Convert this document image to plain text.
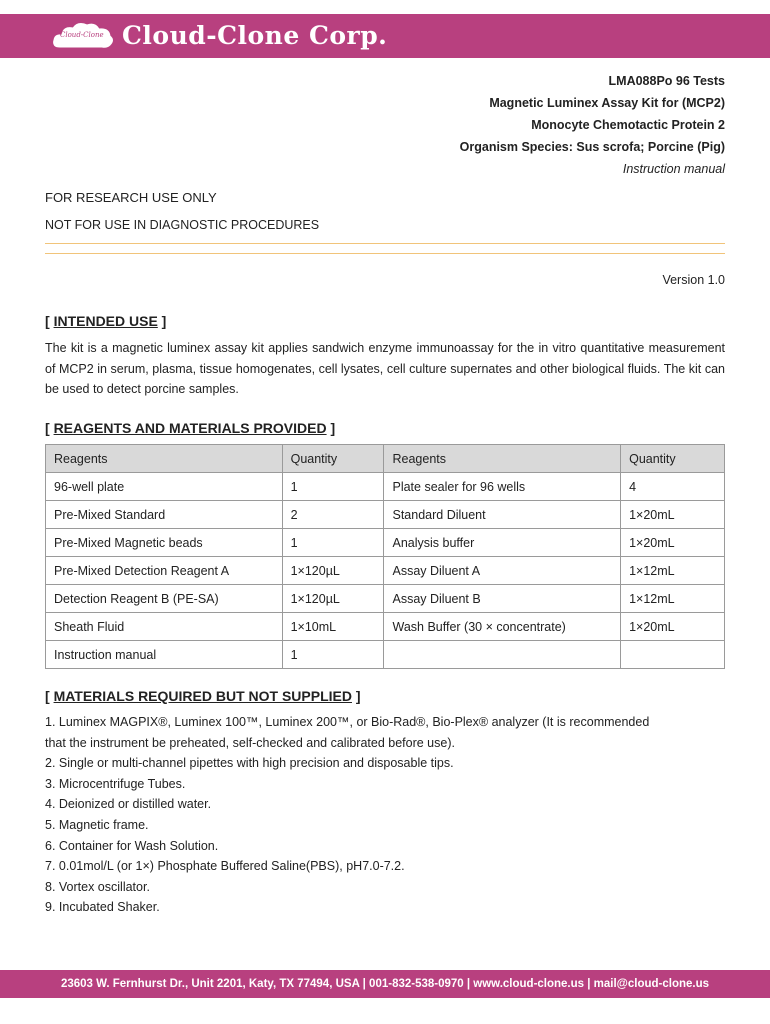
Cloud-Clone Cloud-Clone Corp.
LMA088Po 96 Tests
Magnetic Luminex Assay Kit for (MCP2)
Monocyte Chemotactic Protein 2
Organism Species: Sus scrofa; Porcine (Pig)
Instruction manual
FOR RESEARCH USE ONLY
NOT FOR USE IN DIAGNOSTIC PROCEDURES
Version 1.0
[ INTENDED USE ]
The kit is a magnetic luminex assay kit applies sandwich enzyme immunoassay for the in vitro quantitative measurement of MCP2 in serum, plasma, tissue homogenates, cell lysates, cell culture supernates and other biological fluids. The kit can be used to detect porcine samples.
[ REAGENTS AND MATERIALS PROVIDED ]
Reagents	Quantity	Reagents	Quantity
96-well plate	1	Plate sealer for 96 wells	4
Pre-Mixed Standard	2	Standard Diluent	1×20mL
Pre-Mixed Magnetic beads	1	Analysis buffer	1×20mL
Pre-Mixed Detection Reagent A	1×120µL	Assay Diluent A	1×12mL
Detection Reagent B (PE-SA)	1×120µL	Assay Diluent B	1×12mL
Sheath Fluid	1×10mL	Wash Buffer (30 × concentrate)	1×20mL
Instruction manual	1		
[ MATERIALS REQUIRED BUT NOT SUPPLIED ]
1. Luminex MAGPIX®, Luminex 100™, Luminex 200™, or Bio-Rad®, Bio-Plex® analyzer (It is recommended
that the instrument be preheated, self-checked and calibrated before use).
2. Single or multi-channel pipettes with high precision and disposable tips.
3. Microcentrifuge Tubes.
4. Deionized or distilled water.
5. Magnetic frame.
6. Container for Wash Solution.
7. 0.01mol/L (or 1×) Phosphate Buffered Saline(PBS), pH7.0-7.2.
8. Vortex oscillator.
9. Incubated Shaker.
23603 W. Fernhurst Dr., Unit 2201, Katy, TX 77494, USA | 001-832-538-0970 | www.cloud-clone.us | mail@cloud-clone.us
